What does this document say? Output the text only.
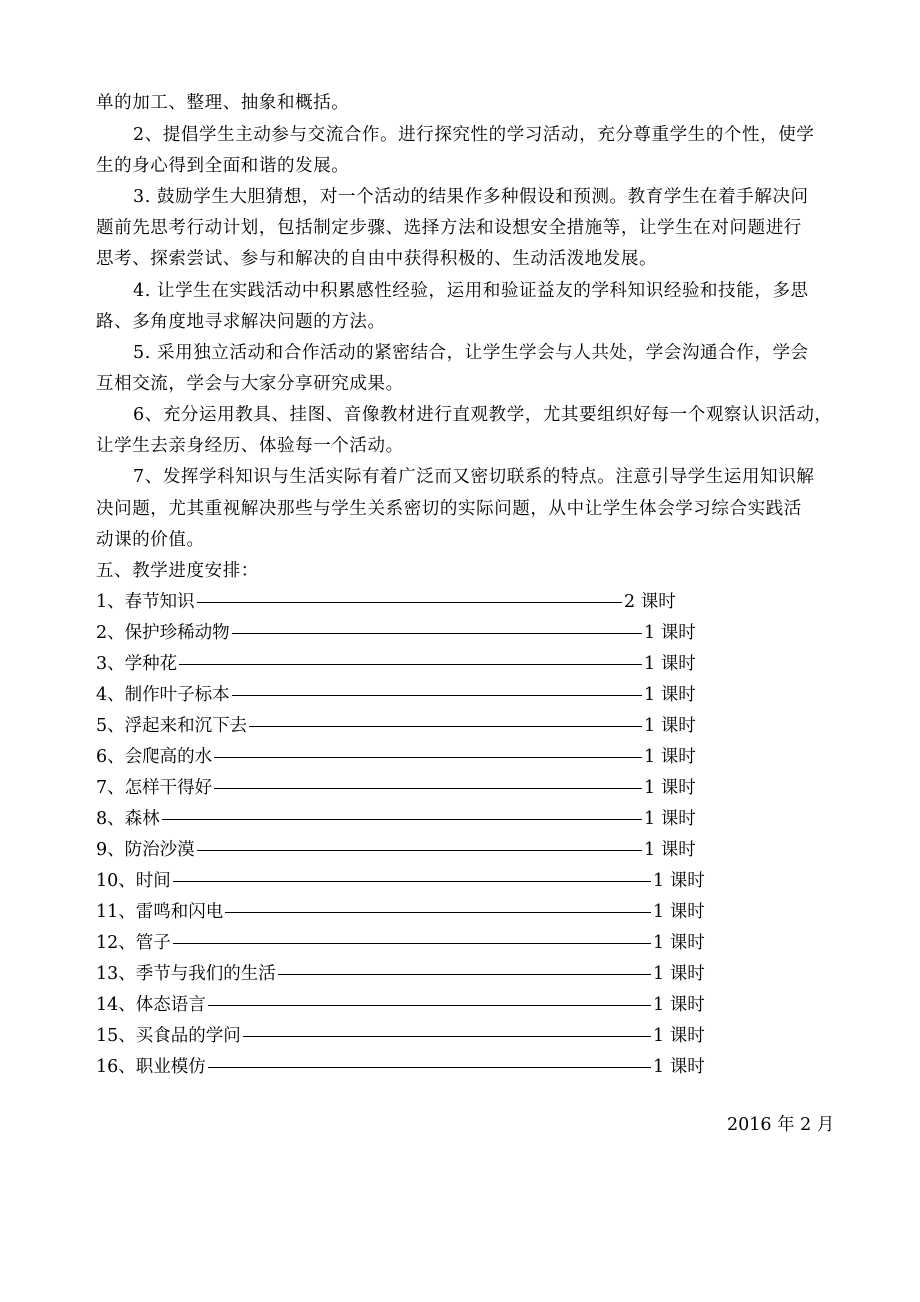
单的加工、整理、抽象和概括。
2、提倡学生主动参与交流合作。进行探究性的学习活动，充分尊重学生的个性，使学
生的身心得到全面和谐的发展。
3. 鼓励学生大胆猜想，对一个活动的结果作多种假设和预测。教育学生在着手解决问
题前先思考行动计划，包括制定步骤、选择方法和设想安全措施等，让学生在对问题进行
思考、探索尝试、参与和解决的自由中获得积极的、生动活泼地发展。
4. 让学生在实践活动中积累感性经验，运用和验证益友的学科知识经验和技能，多思
路、多角度地寻求解决问题的方法。
5. 采用独立活动和合作活动的紧密结合，让学生学会与人共处，学会沟通合作，学会
互相交流，学会与大家分享研究成果。
6、充分运用教具、挂图、音像教材进行直观教学，尤其要组织好每一个观察认识活动，
让学生去亲身经历、体验每一个活动。
7、发挥学科知识与生活实际有着广泛而又密切联系的特点。注意引导学生运用知识解
决问题，尤其重视解决那些与学生关系密切的实际问题，从中让学生体会学习综合实践活
动课的价值。
五、教学进度安排：
1、春节知识	2 课时
2、保护珍稀动物	1 课时
3、学种花	1 课时
4、制作叶子标本	1 课时
5、浮起来和沉下去	1 课时
6、会爬高的水	1 课时
7、怎样干得好	1 课时
8、森林	1 课时
9、防治沙漠	1 课时
10、时间	1 课时
11、雷鸣和闪电	1 课时
12、管子	1 课时
13、季节与我们的生活	1 课时
14、体态语言	1 课时
15、买食品的学问	1 课时
16、职业模仿	1 课时
2016 年 2 月
